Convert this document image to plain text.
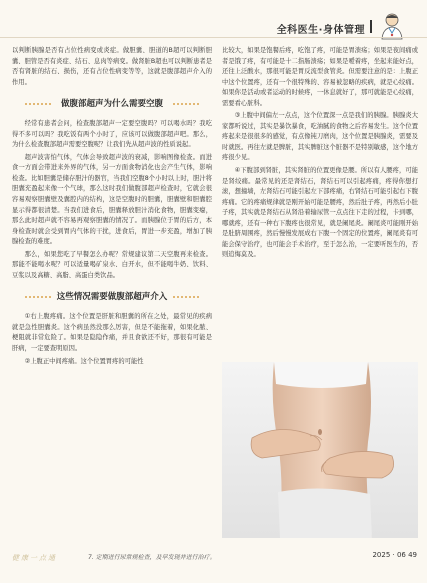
全科医生·身体管理

以判断胰腺是否有占位性病变或炎症。做胆囊、胆道的B超可以判断胆囊、胆管是否有炎症、结石、息肉等病变。做肾脏B超也可以判断患者是否有肾脏的结石、损伤，还有占位性病变等等，这就是腹部超声介入的作用。

做腹部超声为什么需要空腹

经常有患者会问，检查腹部超声一定要空腹吗？可以喝水吗？我吃得不多可以吗？我吃饭有两个小时了，应该可以做腹部超声吧。那么，为什么检查腹部超声需要空腹呢？让我们先从超声波的性质说起。

超声波害怕气体，气体会导致超声波的衰减，影响图像检查。而进食一方面会带进来外界的气体，另一方面食物消化也会产生气体，影响检查。比如胆囊是储存胆汁的器官，当我们空腹8个小时以上时，胆汁将胆囊充盈起来像一个气球，那么这时我们做腹部超声检查时，它就会很容易观察胆囊壁及囊腔内的结构，这是空腹时的胆囊，胆囊壁和胆囊腔显示得都很清楚。当我们进食后，胆囊释放胆汁消化食物，胆囊变瘪，那么此时超声就不容易再观察胆囊的情况了。而胰腺位于胃的后方，本身检查时就会受到胃内气体的干扰，进食后，胃进一步充盈，增加了胰腺检查的难度。

那么，如果您吃了早餐怎么办呢？常规建议第二天空腹再来检查。那能不能喝水呢？可以适量喝矿泉水、白开水，但不能喝牛奶、饮料、豆浆以及高糖、高脂、高蛋白类饮品。

这些情况需要做腹部超声介入

①右上腹疼痛。这个位置是肝脏和胆囊的所在之处，最常见的疾病就是急性胆囊炎。这个病虽然没那么厉害，但是不能拖着，如果化脓、梗阻就非常危险了。如果是隐隐作痛，并且食欲还不好，那很有可能是肝病，一定要查明原因。

②上腹正中间疼痛。这个位置胃疼的可能性

比较大，如果是饱餐后疼，吃饱了疼，可能是胃溃疡；如果是夜间痛或者是饿了疼，有可能是十二指肠溃疡；如果是嗳着疼，坐起来能好点，还往上泛酸水，那很可能是胃反流型食管炎。但需要注意的是：上腹正中这个位置疼，还有一个很特殊的、容易被忽略的疾病，就是心绞痛。如果你是活动或者运动的时候疼，一休息就好了，那可就能是心绞痛，需要看心脏科。

③上腹中间偏左一点点，这个位置深一点是我们的胰腺。胰腺炎大家都听说过，其实是暴饮暴食，吃油腻的食物之后容易发生。这个位置疼起来是很很多的感觉，有点像钝刀磨肉，这个位置是胰腺炎，需要及时就医。再往左就是脾脏，其实脾脏这个脏器不是特别敏感，这个地方疼很少见。

④下腹部到肾脏，其实肾脏的位置更像是腰。所以有人腰疼，可能是肾绞痛。最常见的还是肾结石，肾结石可以引起疼痛，疼得你想打滚，想撞墙，左肾结石可能引起左下部疼痛，右肾结石可能引起右下腹疼痛。它的疼痛规律就是刚开始可能是腰疼，然后肚子疼，再然后小肚子疼，其实就是肾结石从肾沿着输尿管一点点往下走的过程，卡到哪，哪就疼，还有一种右下腹疼也很常见，就是阑尾炎。阑尾炎可能刚开始是肚脐周围疼，然后慢慢发展成右下腹一个固定的位置疼，阑尾炎有可能会保守治疗，也可能会手术治疗，至于怎么治，一定要听医生的，否则追悔莫及。

健康一点通	7. 定期进行尿常规检查，及早发现并进行治疗。	2025 · 06 49
